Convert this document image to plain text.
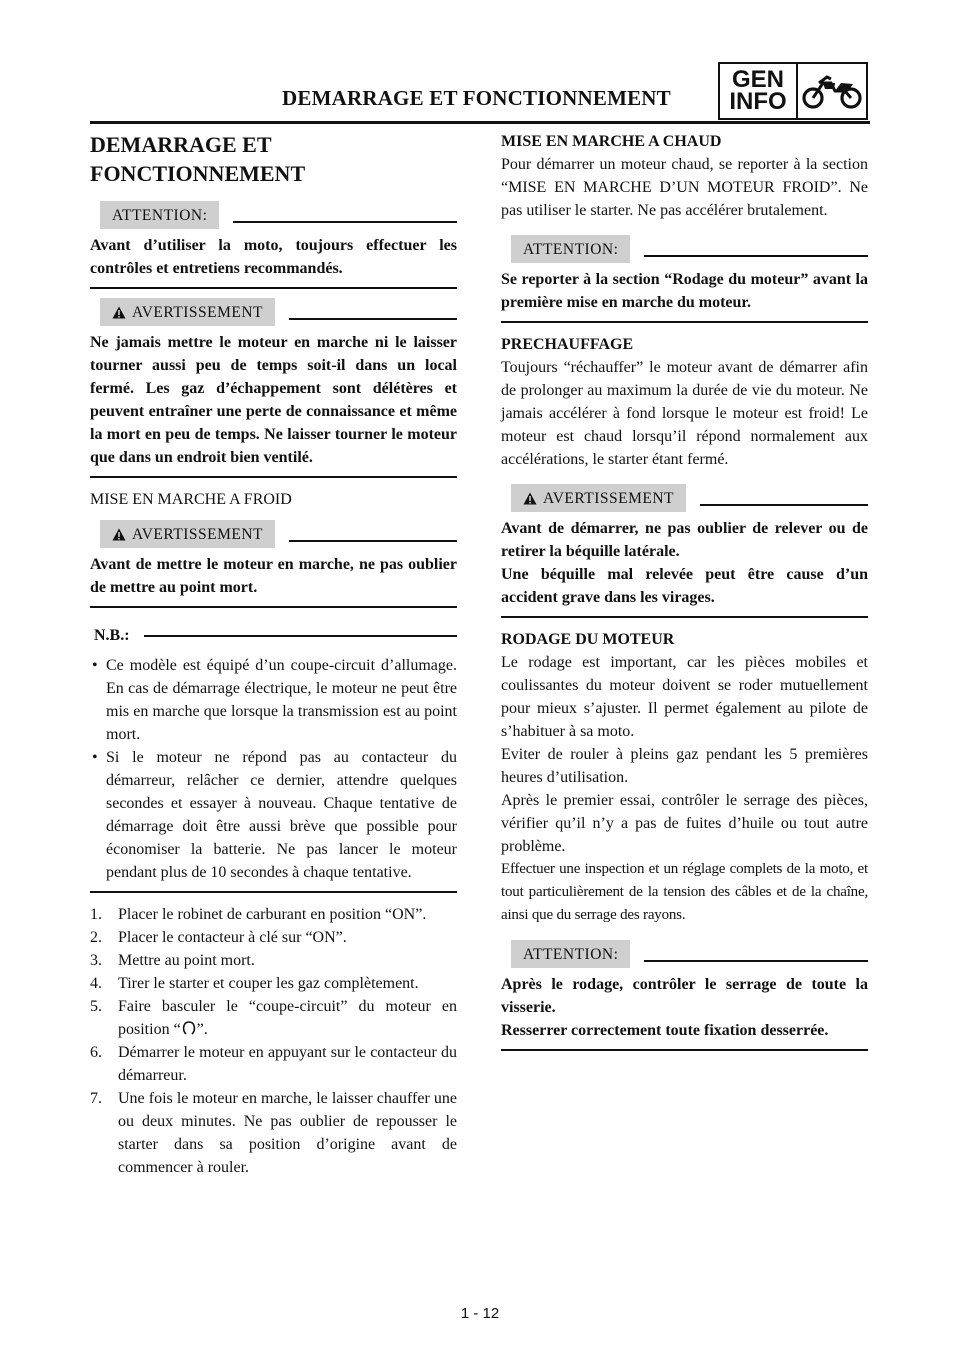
DEMARRAGE ET FONCTIONNEMENT
GEN
INFO
DEMARRAGE ET
FONCTIONNEMENT
ATTENTION:

Avant d’utiliser la moto, toujours effectuer les contrôles et entretiens recommandés.

AVERTISSEMENT

Ne jamais mettre le moteur en marche ni le laisser tourner aussi peu de temps soit-il dans un local fermé. Les gaz d’échappement sont délétères et peuvent entraîner une perte de connaissance et même la mort en peu de temps. Ne laisser tourner le moteur que dans un endroit bien ventilé.

MISE EN MARCHE A FROID

AVERTISSEMENT

Avant de mettre le moteur en marche, ne pas oublier de mettre au point mort.

N.B.:
• Ce modèle est équipé d’un coupe-circuit d’allumage. En cas de démarrage électrique, le moteur ne peut être mis en marche que lorsque la transmission est au point mort.
• Si le moteur ne répond pas au contacteur du démarreur, relâcher ce dernier, attendre quelques secondes et essayer à nouveau. Chaque tentative de démarrage doit être aussi brève que possible pour économiser la batterie. Ne pas lancer le moteur pendant plus de 10 secondes à chaque tentative.
1. Placer le robinet de carburant en position “ON”.
2. Placer le contacteur à clé sur “ON”.
3. Mettre au point mort.
4. Tirer le starter et couper les gaz complètement.
5. Faire basculer le “coupe-circuit” du moteur en position “ ”.
6. Démarrer le moteur en appuyant sur le contacteur du démarreur.
7. Une fois le moteur en marche, le laisser chauffer une ou deux minutes. Ne pas oublier de repousser le starter dans sa position d’origine avant de commencer à rouler.

MISE EN MARCHE A CHAUD

Pour démarrer un moteur chaud, se reporter à la section “MISE EN MARCHE D’UN MOTEUR FROID”. Ne pas utiliser le starter. Ne pas accélérer brutalement.

ATTENTION:

Se reporter à la section “Rodage du moteur” avant la première mise en marche du moteur.

PRECHAUFFAGE

Toujours “réchauffer” le moteur avant de démarrer afin de prolonger au maximum la durée de vie du moteur. Ne jamais accélérer à fond lorsque le moteur est froid! Le moteur est chaud lorsqu’il répond normalement aux accélérations, le starter étant fermé.

AVERTISSEMENT

Avant de démarrer, ne pas oublier de relever ou de retirer la béquille latérale.

Une béquille mal relevée peut être cause d’un accident grave dans les virages.

RODAGE DU MOTEUR

Le rodage est important, car les pièces mobiles et coulissantes du moteur doivent se roder mutuellement pour mieux s’ajuster. Il permet également au pilote de s’habituer à sa moto.

Eviter de rouler à pleins gaz pendant les 5 premières heures d’utilisation.

Après le premier essai, contrôler le serrage des pièces, vérifier qu’il n’y a pas de fuites d’huile ou tout autre problème.

Effectuer une inspection et un réglage complets de la moto, et tout particulièrement de la tension des câbles et de la chaîne, ainsi que du serrage des rayons.

ATTENTION:

Après le rodage, contrôler le serrage de toute la visserie.

Resserrer correctement toute fixation desserrée.

1 - 12
